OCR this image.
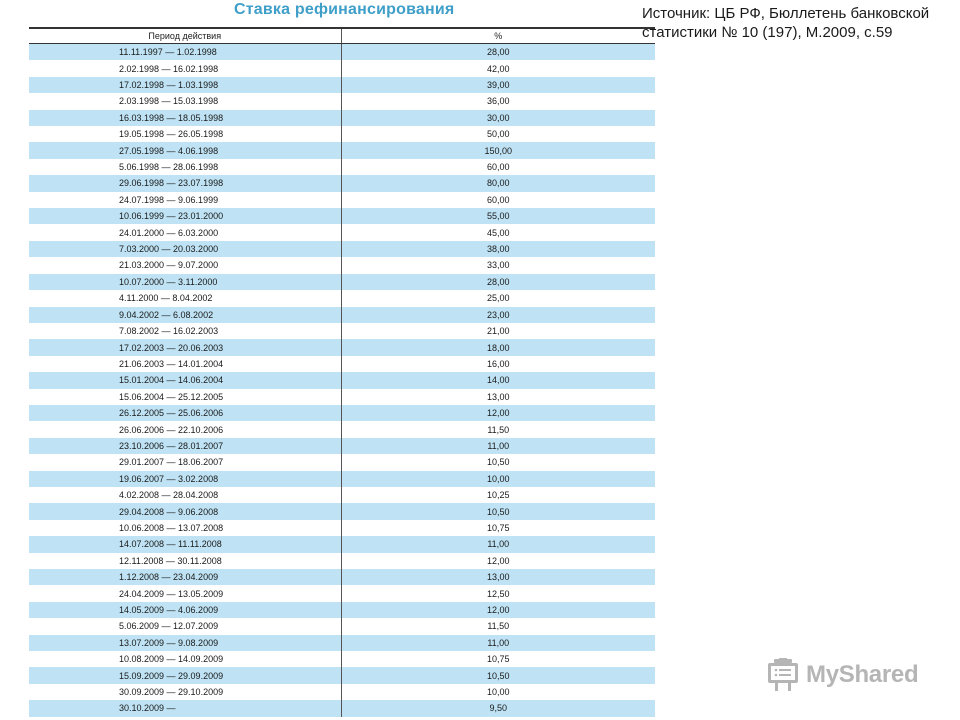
Ставка рефинансирования
Период действия	%
11.11.1997 — 1.02.1998	28,00
2.02.1998 — 16.02.1998	42,00
17.02.1998 — 1.03.1998	39,00
2.03.1998 — 15.03.1998	36,00
16.03.1998 — 18.05.1998	30,00
19.05.1998 — 26.05.1998	50,00
27.05.1998 — 4.06.1998	150,00
5.06.1998 — 28.06.1998	60,00
29.06.1998 — 23.07.1998	80,00
24.07.1998 — 9.06.1999	60,00
10.06.1999 — 23.01.2000	55,00
24.01.2000 — 6.03.2000	45,00
7.03.2000 — 20.03.2000	38,00
21.03.2000 — 9.07.2000	33,00
10.07.2000 — 3.11.2000	28,00
4.11.2000 — 8.04.2002	25,00
9.04.2002 — 6.08.2002	23,00
7.08.2002 — 16.02.2003	21,00
17.02.2003 — 20.06.2003	18,00
21.06.2003 — 14.01.2004	16,00
15.01.2004 — 14.06.2004	14,00
15.06.2004 — 25.12.2005	13,00
26.12.2005 — 25.06.2006	12,00
26.06.2006 — 22.10.2006	11,50
23.10.2006 — 28.01.2007	11,00
29.01.2007 — 18.06.2007	10,50
19.06.2007 — 3.02.2008	10,00
4.02.2008 — 28.04.2008	10,25
29.04.2008 — 9.06.2008	10,50
10.06.2008 — 13.07.2008	10,75
14.07.2008 — 11.11.2008	11,00
12.11.2008 — 30.11.2008	12,00
1.12.2008 — 23.04.2009	13,00
24.04.2009 — 13.05.2009	12,50
14.05.2009 — 4.06.2009	12,00
5.06.2009 — 12.07.2009	11,50
13.07.2009 — 9.08.2009	11,00
10.08.2009 — 14.09.2009	10,75
15.09.2009 — 29.09.2009	10,50
30.09.2009 — 29.10.2009	10,00
30.10.2009 —	9,50

Источник: ЦБ РФ, Бюллетень банковской статистики № 10 (197), М.2009, с.59

MyShared
